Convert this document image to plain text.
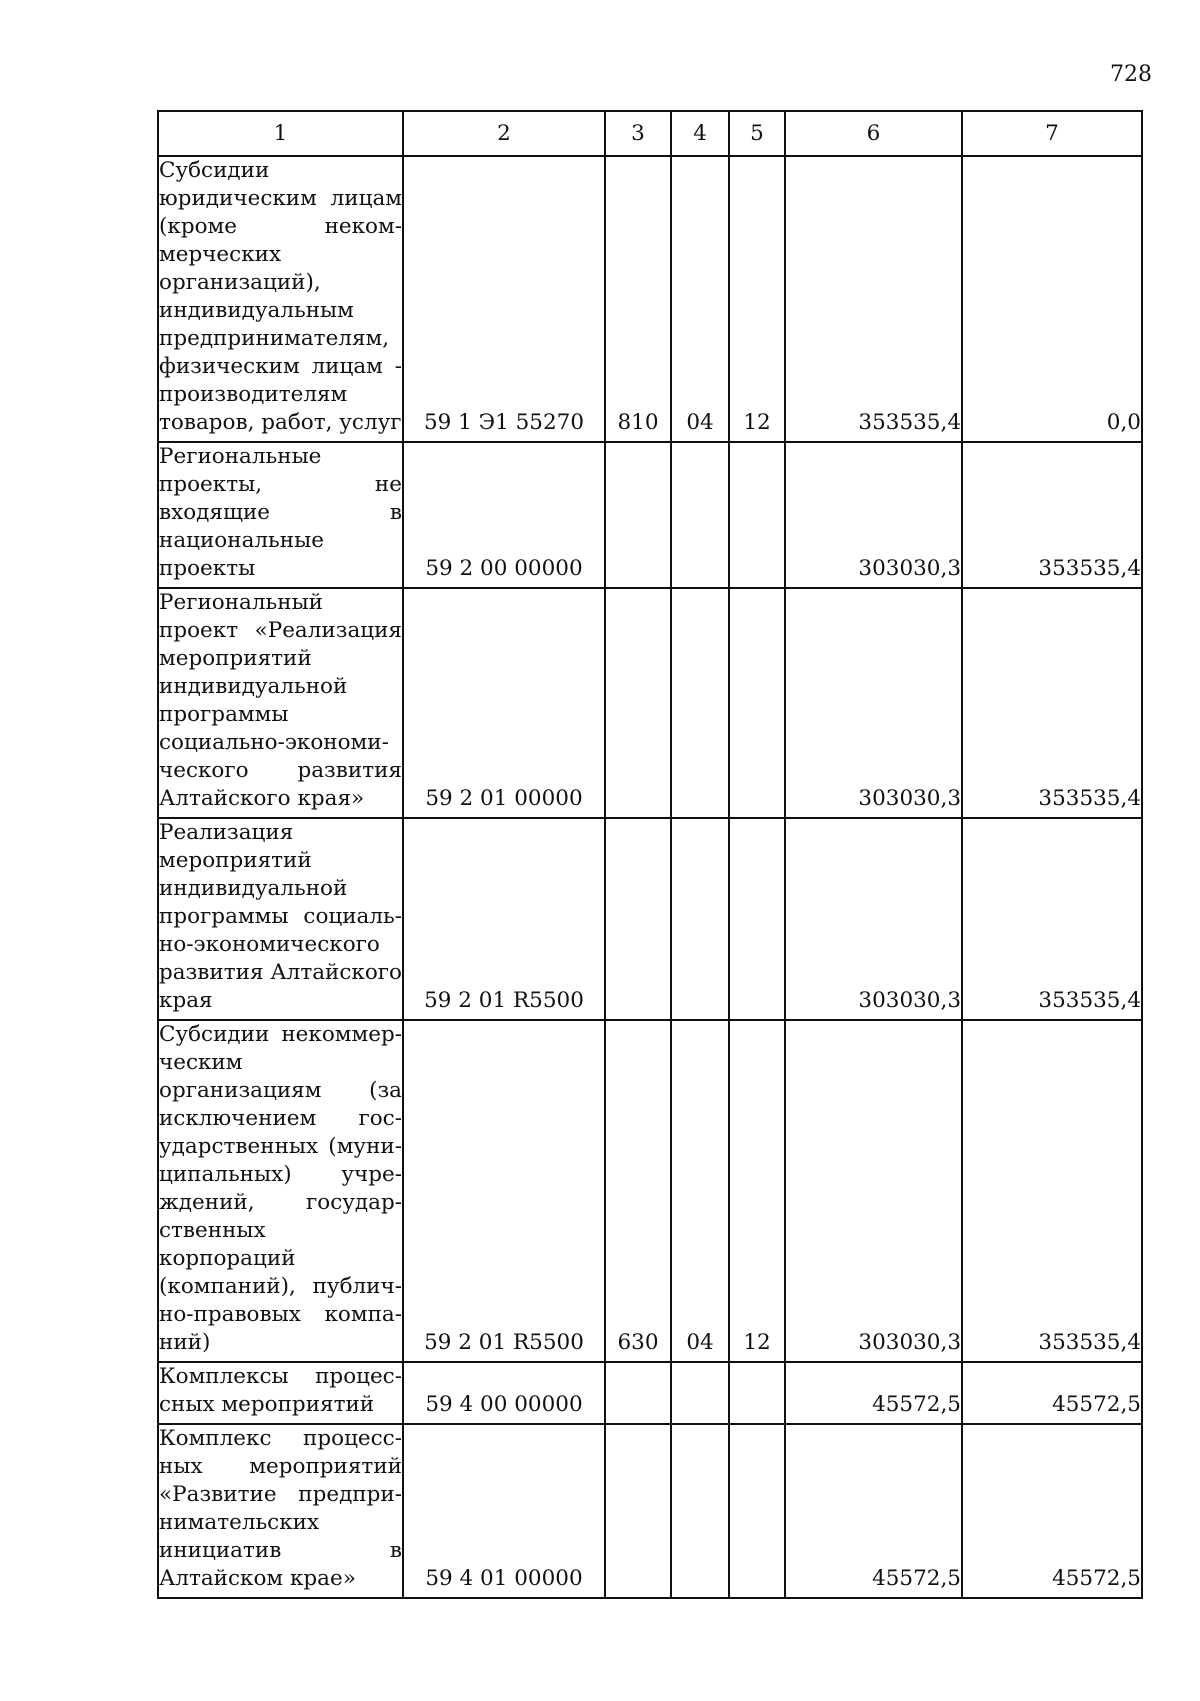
728
1	2	3	4	5	6	7
Субсидии юридическим лицам (кроме некоммерческих организаций), индивидуальным предпринимателям, физическим лицам - производителям товаров, работ, услуг	59 1 Э1 55270	810	04	12	353535,4	0,0
Региональные проекты, не входящие в национальные проекты	59 2 00 00000				303030,3	353535,4
Региональный проект «Реализация мероприятий индивидуальной программы социально-экономического развития Алтайского края»	59 2 01 00000				303030,3	353535,4
Реализация мероприятий индивидуальной программы социально-экономического развития Алтайского края	59 2 01 R5500				303030,3	353535,4
Субсидии некоммерческим организациям (за исключением государственных (муниципальных) учреждений, государственных корпораций (компаний), публично-правовых компаний)	59 2 01 R5500	630	04	12	303030,3	353535,4
Комплексы процессных мероприятий	59 4 00 00000				45572,5	45572,5
Комплекс процессных мероприятий «Развитие предпринимательских инициатив в Алтайском крае»	59 4 01 00000				45572,5	45572,5
